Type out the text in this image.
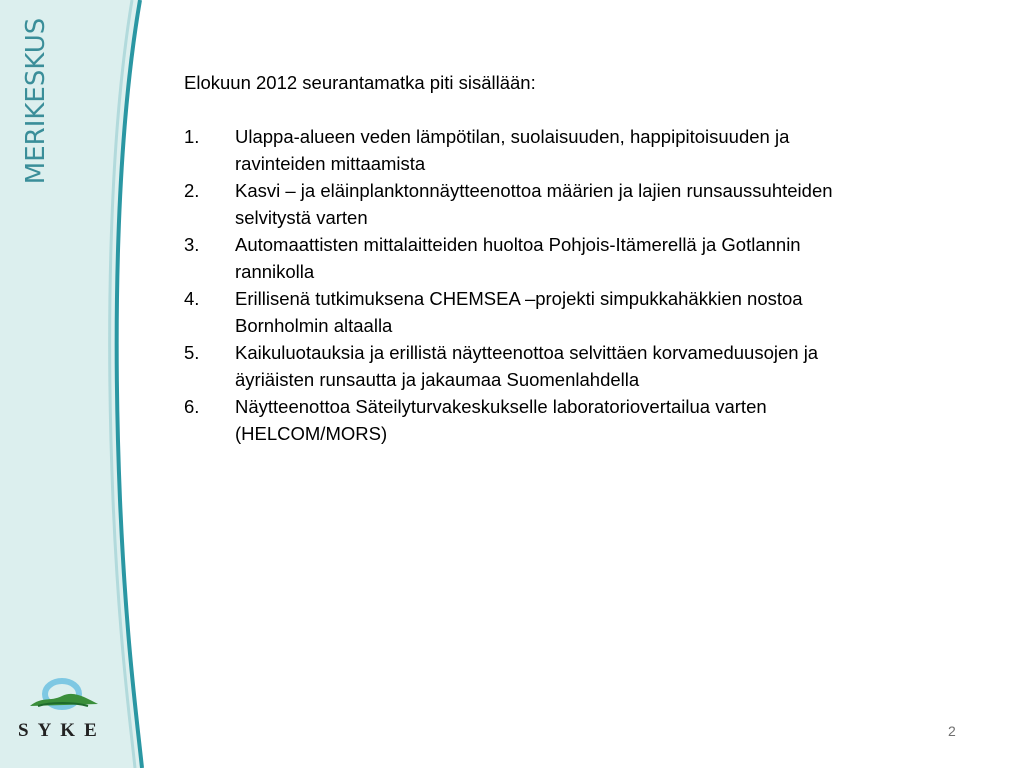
MERIKESKUS
SYKE

Elokuun 2012 seurantamatka piti sisällään:

1. Ulappa-alueen veden lämpötilan, suolaisuuden, happipitoisuuden ja ravinteiden mittaamista
2. Kasvi – ja eläinplanktonnäytteenottoa määrien ja lajien runsaussuhteiden selvitystä varten
3. Automaattisten mittalaitteiden huoltoa Pohjois-Itämerellä ja Gotlannin rannikolla
4. Erillisenä tutkimuksena CHEMSEA –projekti simpukkahäkkien nostoa Bornholmin altaalla
5. Kaikuluotauksia ja erillistä näytteenottoa selvittäen korvameduusojen ja äyriäisten runsautta ja jakaumaa Suomenlahdella
6. Näytteenottoa Säteilyturvakeskukselle laboratoriovertailua varten (HELCOM/MORS)
2
